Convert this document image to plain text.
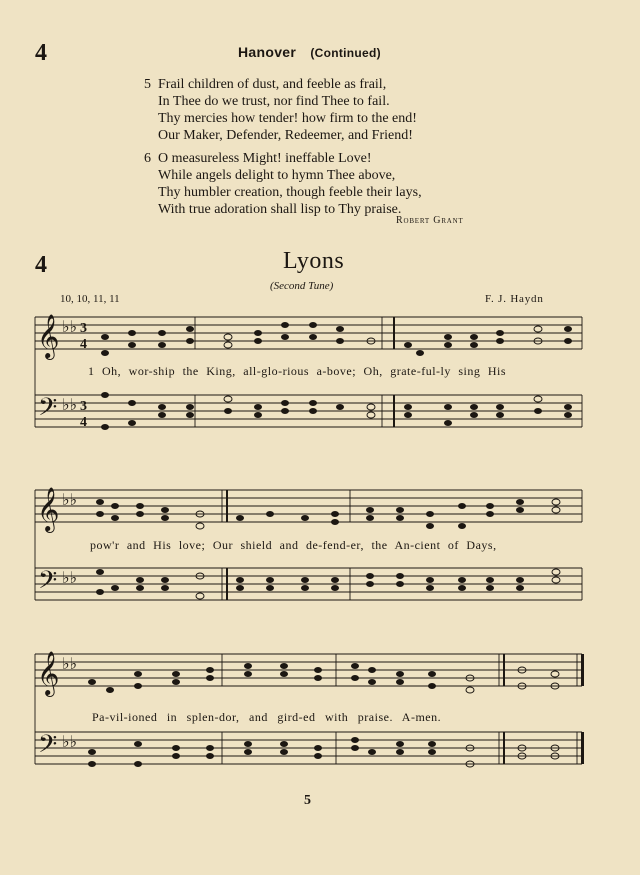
4	Hanover (Continued)
5 Frail children of dust, and feeble as frail,
In Thee do we trust, nor find Thee to fail.
Thy mercies how tender! how firm to the end!
Our Maker, Defender, Redeemer, and Friend!
6 O measureless Might! ineffable Love!
While angels delight to hymn Thee above,
Thy humbler creation, though feeble their lays,
With true adoration shall lisp to Thy praise.
Robert Grant
4	Lyons
(Second Tune)
10, 10, 11, 11	F. J. Haydn
𝄞
𝄢
♭♭
♭♭
3
4
3
4
1 Oh, wor-ship the King, all-glo-rious a-bove; Oh, grate-ful-ly sing His
𝄞
𝄢
♭♭
♭♭
pow'r and His love; Our shield and de-fend-er, the An-cient of Days,
𝄞
𝄢
♭♭
♭♭
Pa-vil-ioned in splen-dor, and gird-ed with praise. A-men.
5
